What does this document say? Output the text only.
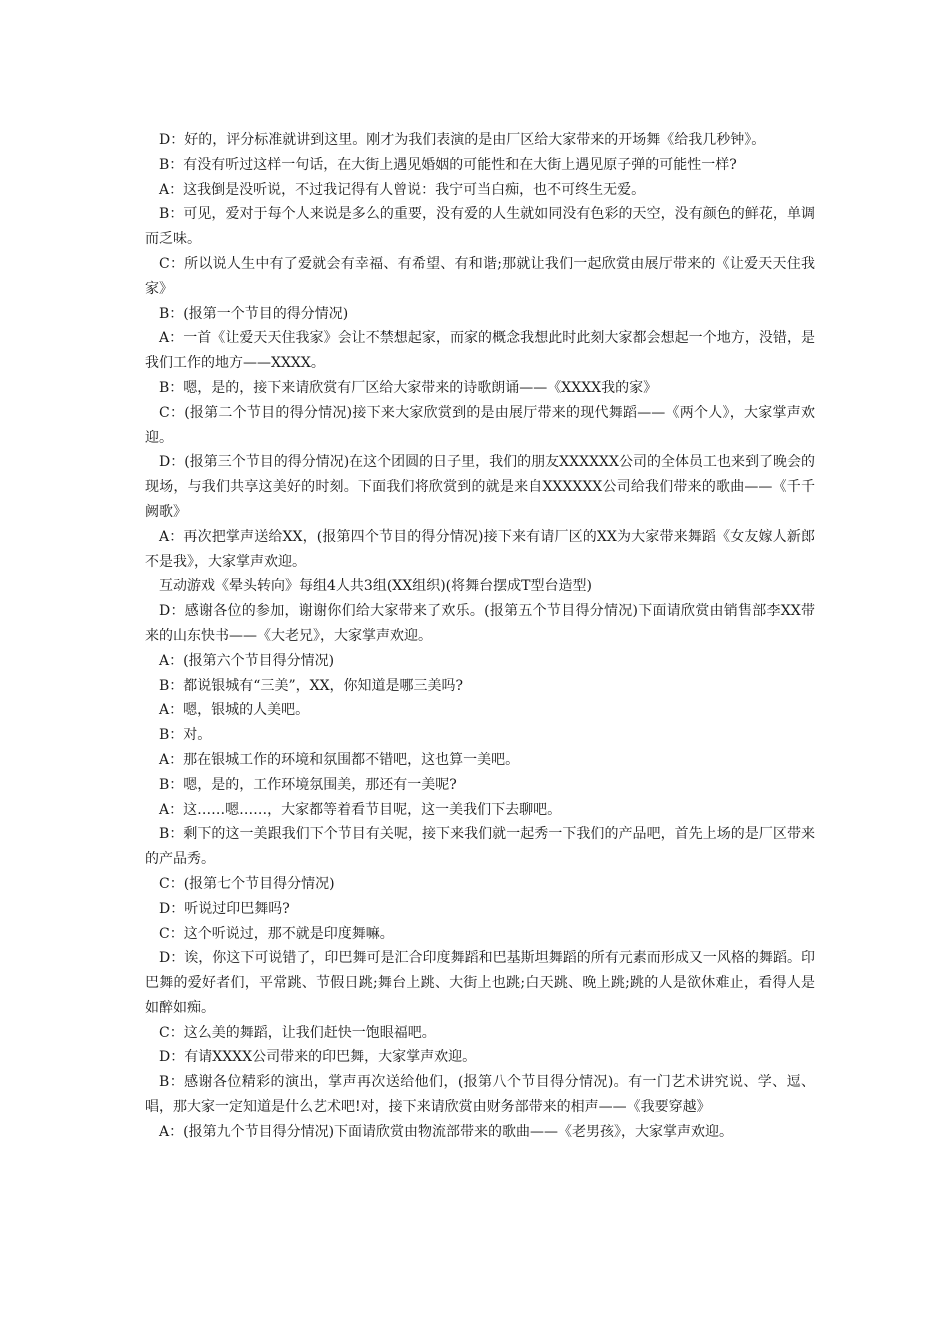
D：好的，评分标准就讲到这里。刚才为我们表演的是由厂区给大家带来的开场舞《给我几秒钟》。

B：有没有听过这样一句话，在大街上遇见婚姻的可能性和在大街上遇见原子弹的可能性一样?

A：这我倒是没听说，不过我记得有人曾说：我宁可当白痴，也不可终生无爱。

B：可见，爱对于每个人来说是多么的重要，没有爱的人生就如同没有色彩的天空，没有颜色的鲜花，单调而乏味。

C：所以说人生中有了爱就会有幸福、有希望、有和谐;那就让我们一起欣赏由展厅带来的《让爱天天住我家》

B：(报第一个节目的得分情况)

A：一首《让爱天天住我家》会让不禁想起家，而家的概念我想此时此刻大家都会想起一个地方，没错，是我们工作的地方——XXXX。

B：嗯，是的，接下来请欣赏有厂区给大家带来的诗歌朗诵——《XXXX我的家》

C：(报第二个节目的得分情况)接下来大家欣赏到的是由展厅带来的现代舞蹈——《两个人》，大家掌声欢迎。

D：(报第三个节目的得分情况)在这个团圆的日子里，我们的朋友XXXXXX公司的全体员工也来到了晚会的现场，与我们共享这美好的时刻。下面我们将欣赏到的就是来自XXXXXX公司给我们带来的歌曲——《千千阙歌》

A：再次把掌声送给XX，(报第四个节目的得分情况)接下来有请厂区的XX为大家带来舞蹈《女友嫁人新郎不是我》，大家掌声欢迎。

互动游戏《晕头转向》每组4人共3组(XX组织)(将舞台摆成T型台造型)

D：感谢各位的参加，谢谢你们给大家带来了欢乐。(报第五个节目得分情况)下面请欣赏由销售部李XX带来的山东快书——《大老兄》，大家掌声欢迎。

A：(报第六个节目得分情况)

B：都说银城有“三美”，XX，你知道是哪三美吗?

A：嗯，银城的人美吧。

B：对。

A：那在银城工作的环境和氛围都不错吧，这也算一美吧。

B：嗯，是的，工作环境氛围美，那还有一美呢?

A：这……嗯……，大家都等着看节目呢，这一美我们下去聊吧。

B：剩下的这一美跟我们下个节目有关呢，接下来我们就一起秀一下我们的产品吧，首先上场的是厂区带来的产品秀。

C：(报第七个节目得分情况)

D：听说过印巴舞吗?

C：这个听说过，那不就是印度舞嘛。

D：诶，你这下可说错了，印巴舞可是汇合印度舞蹈和巴基斯坦舞蹈的所有元素而形成又一风格的舞蹈。印巴舞的爱好者们，平常跳、节假日跳;舞台上跳、大街上也跳;白天跳、晚上跳;跳的人是欲休难止，看得人是如醉如痴。

C：这么美的舞蹈，让我们赶快一饱眼福吧。

D：有请XXXX公司带来的印巴舞，大家掌声欢迎。

B：感谢各位精彩的演出，掌声再次送给他们，(报第八个节目得分情况)。有一门艺术讲究说、学、逗、唱，那大家一定知道是什么艺术吧!对，接下来请欣赏由财务部带来的相声——《我要穿越》

A：(报第九个节目得分情况)下面请欣赏由物流部带来的歌曲——《老男孩》，大家掌声欢迎。
